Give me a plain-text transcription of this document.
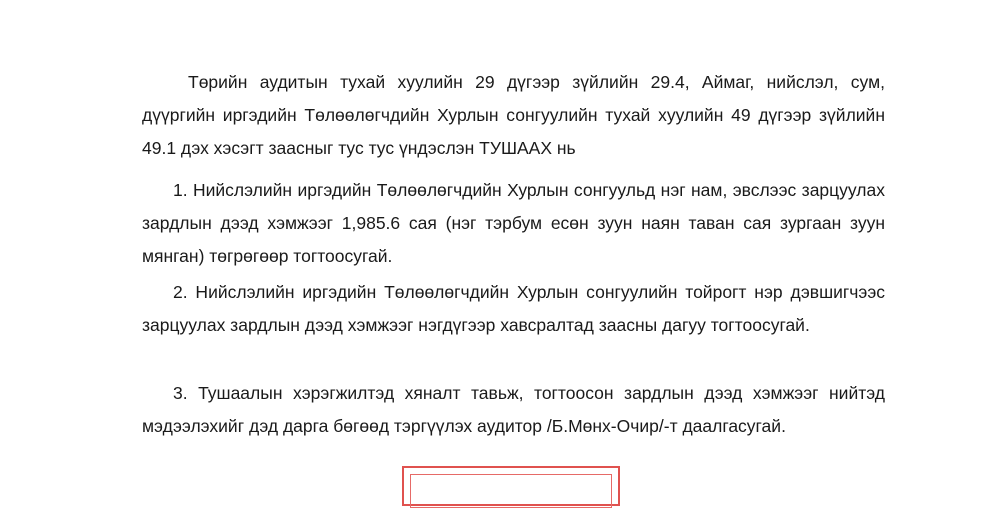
Төрийн аудитын тухай хуулийн 29 дүгээр зүйлийн 29.4, Аймаг, нийслэл, сум, дүүргийн иргэдийн Төлөөлөгчдийн Хурлын сонгуулийн тухай хуулийн 49 дүгээр зүйлийн 49.1 дэх хэсэгт заасныг тус тус үндэслэн ТУШААХ нь

1. Нийслэлийн иргэдийн Төлөөлөгчдийн Хурлын сонгуульд нэг нам, эвслээс зарцуулах зардлын дээд хэмжээг 1,985.6 сая (нэг тэрбум есөн зуун наян таван сая зургаан зуун мянган) төгрөгөөр тогтоосугай.

2. Нийслэлийн иргэдийн Төлөөлөгчдийн Хурлын сонгуулийн тойрогт нэр дэвшигчээс зарцуулах зардлын дээд хэмжээг нэгдүгээр хавсралтад заасны дагуу тогтоосугай.

3. Тушаалын хэрэгжилтэд хяналт тавьж, тогтоосон зардлын дээд хэмжээг нийтэд мэдээлэхийг дэд дарга бөгөөд тэргүүлэх аудитор /Б.Мөнх-Очир/-т даалгасугай.
